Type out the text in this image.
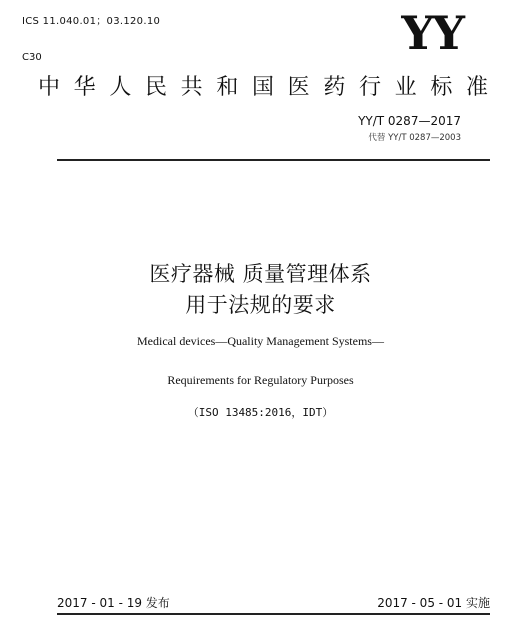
ICS 11.040.01；03.120.10
C30	YY
中华人民共和国医药行业标准
YY/T 0287—2017
代替 YY/T 0287—2003
医疗器械 质量管理体系
用于法规的要求
Medical devices—Quality Management Systems—
Requirements for Regulatory Purposes
（ISO 13485:2016，IDT）
2017 - 01 - 19 发布	2017 - 05 - 01 实施
